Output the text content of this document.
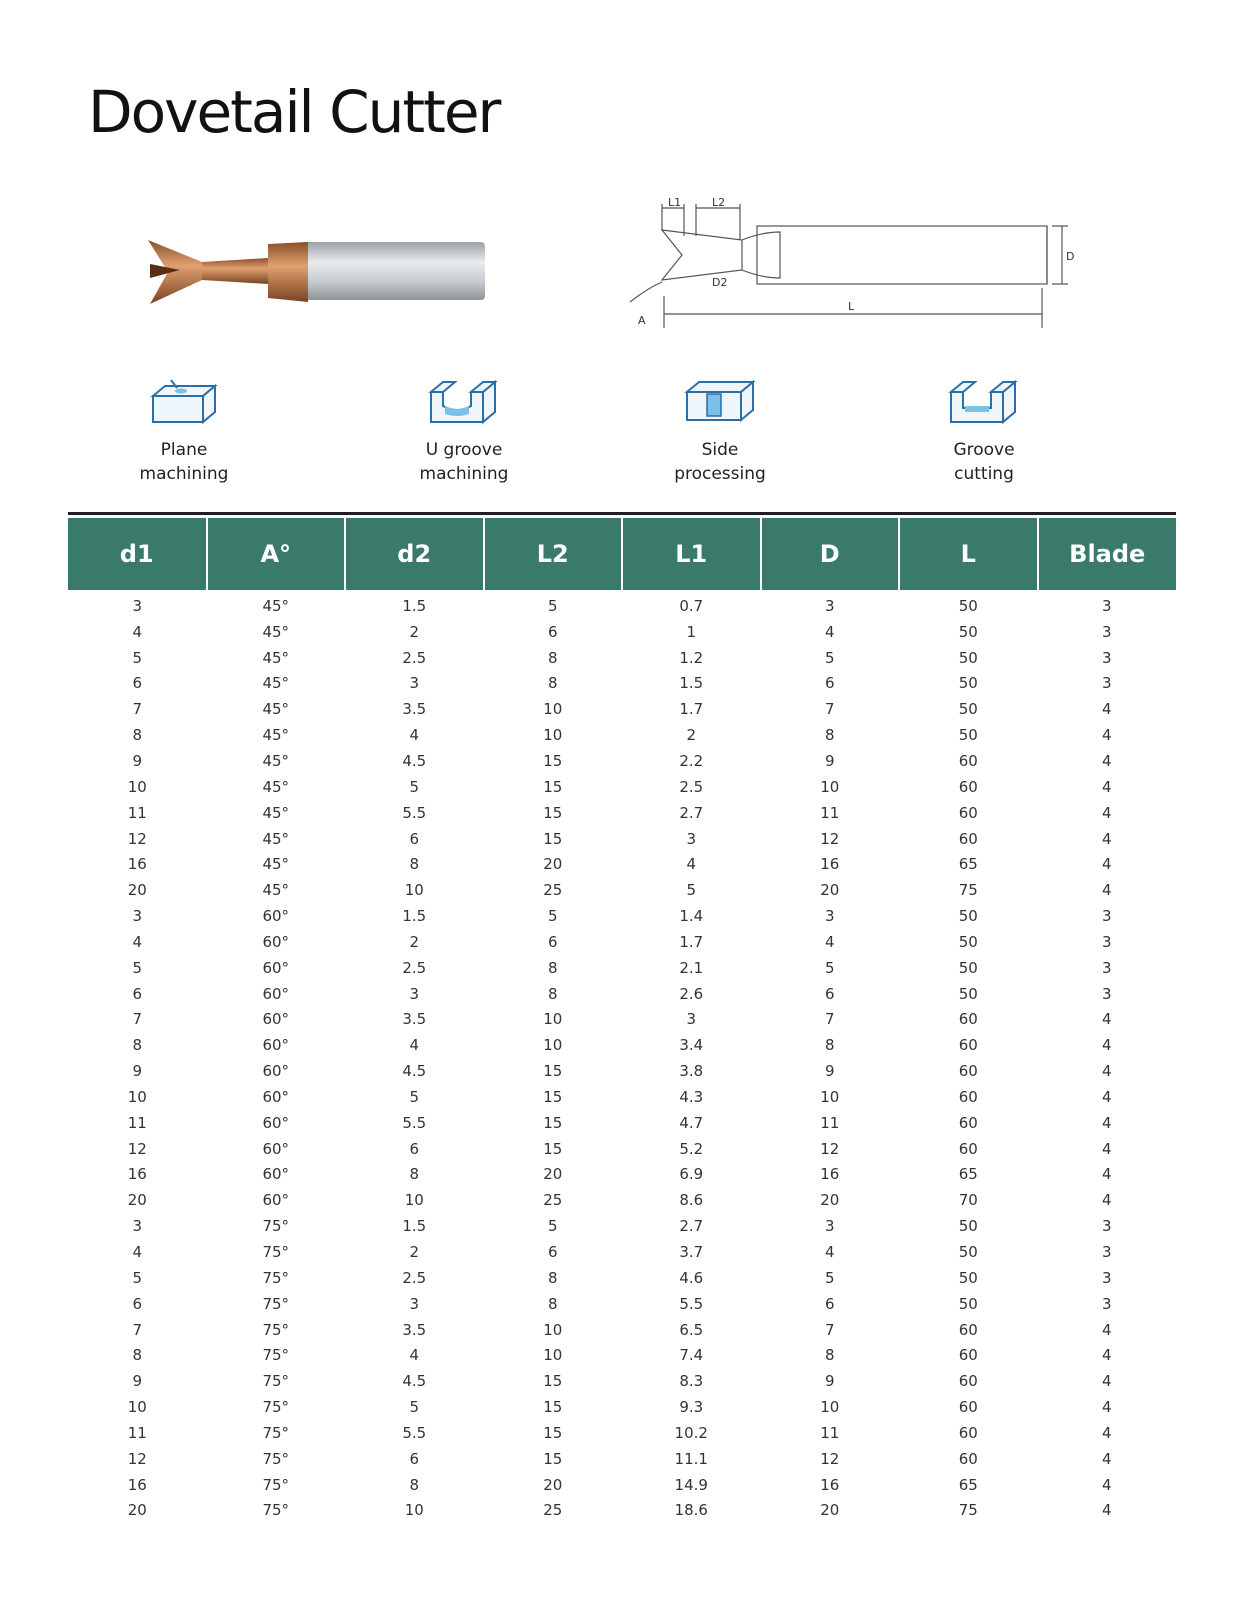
Dovetail Cutter
L1	L2
D2
D
L
A
Plane
machining
U groove
machining
Side
processing
Groove
cutting
d1	A°	d2	L2	L1	D	L	Blade
3	45°	1.5	5	0.7	3	50	3
4	45°	2	6	1	4	50	3
5	45°	2.5	8	1.2	5	50	3
6	45°	3	8	1.5	6	50	3
7	45°	3.5	10	1.7	7	50	4
8	45°	4	10	2	8	50	4
9	45°	4.5	15	2.2	9	60	4
10	45°	5	15	2.5	10	60	4
11	45°	5.5	15	2.7	11	60	4
12	45°	6	15	3	12	60	4
16	45°	8	20	4	16	65	4
20	45°	10	25	5	20	75	4
3	60°	1.5	5	1.4	3	50	3
4	60°	2	6	1.7	4	50	3
5	60°	2.5	8	2.1	5	50	3
6	60°	3	8	2.6	6	50	3
7	60°	3.5	10	3	7	60	4
8	60°	4	10	3.4	8	60	4
9	60°	4.5	15	3.8	9	60	4
10	60°	5	15	4.3	10	60	4
11	60°	5.5	15	4.7	11	60	4
12	60°	6	15	5.2	12	60	4
16	60°	8	20	6.9	16	65	4
20	60°	10	25	8.6	20	70	4
3	75°	1.5	5	2.7	3	50	3
4	75°	2	6	3.7	4	50	3
5	75°	2.5	8	4.6	5	50	3
6	75°	3	8	5.5	6	50	3
7	75°	3.5	10	6.5	7	60	4
8	75°	4	10	7.4	8	60	4
9	75°	4.5	15	8.3	9	60	4
10	75°	5	15	9.3	10	60	4
11	75°	5.5	15	10.2	11	60	4
12	75°	6	15	11.1	12	60	4
16	75°	8	20	14.9	16	65	4
20	75°	10	25	18.6	20	75	4
